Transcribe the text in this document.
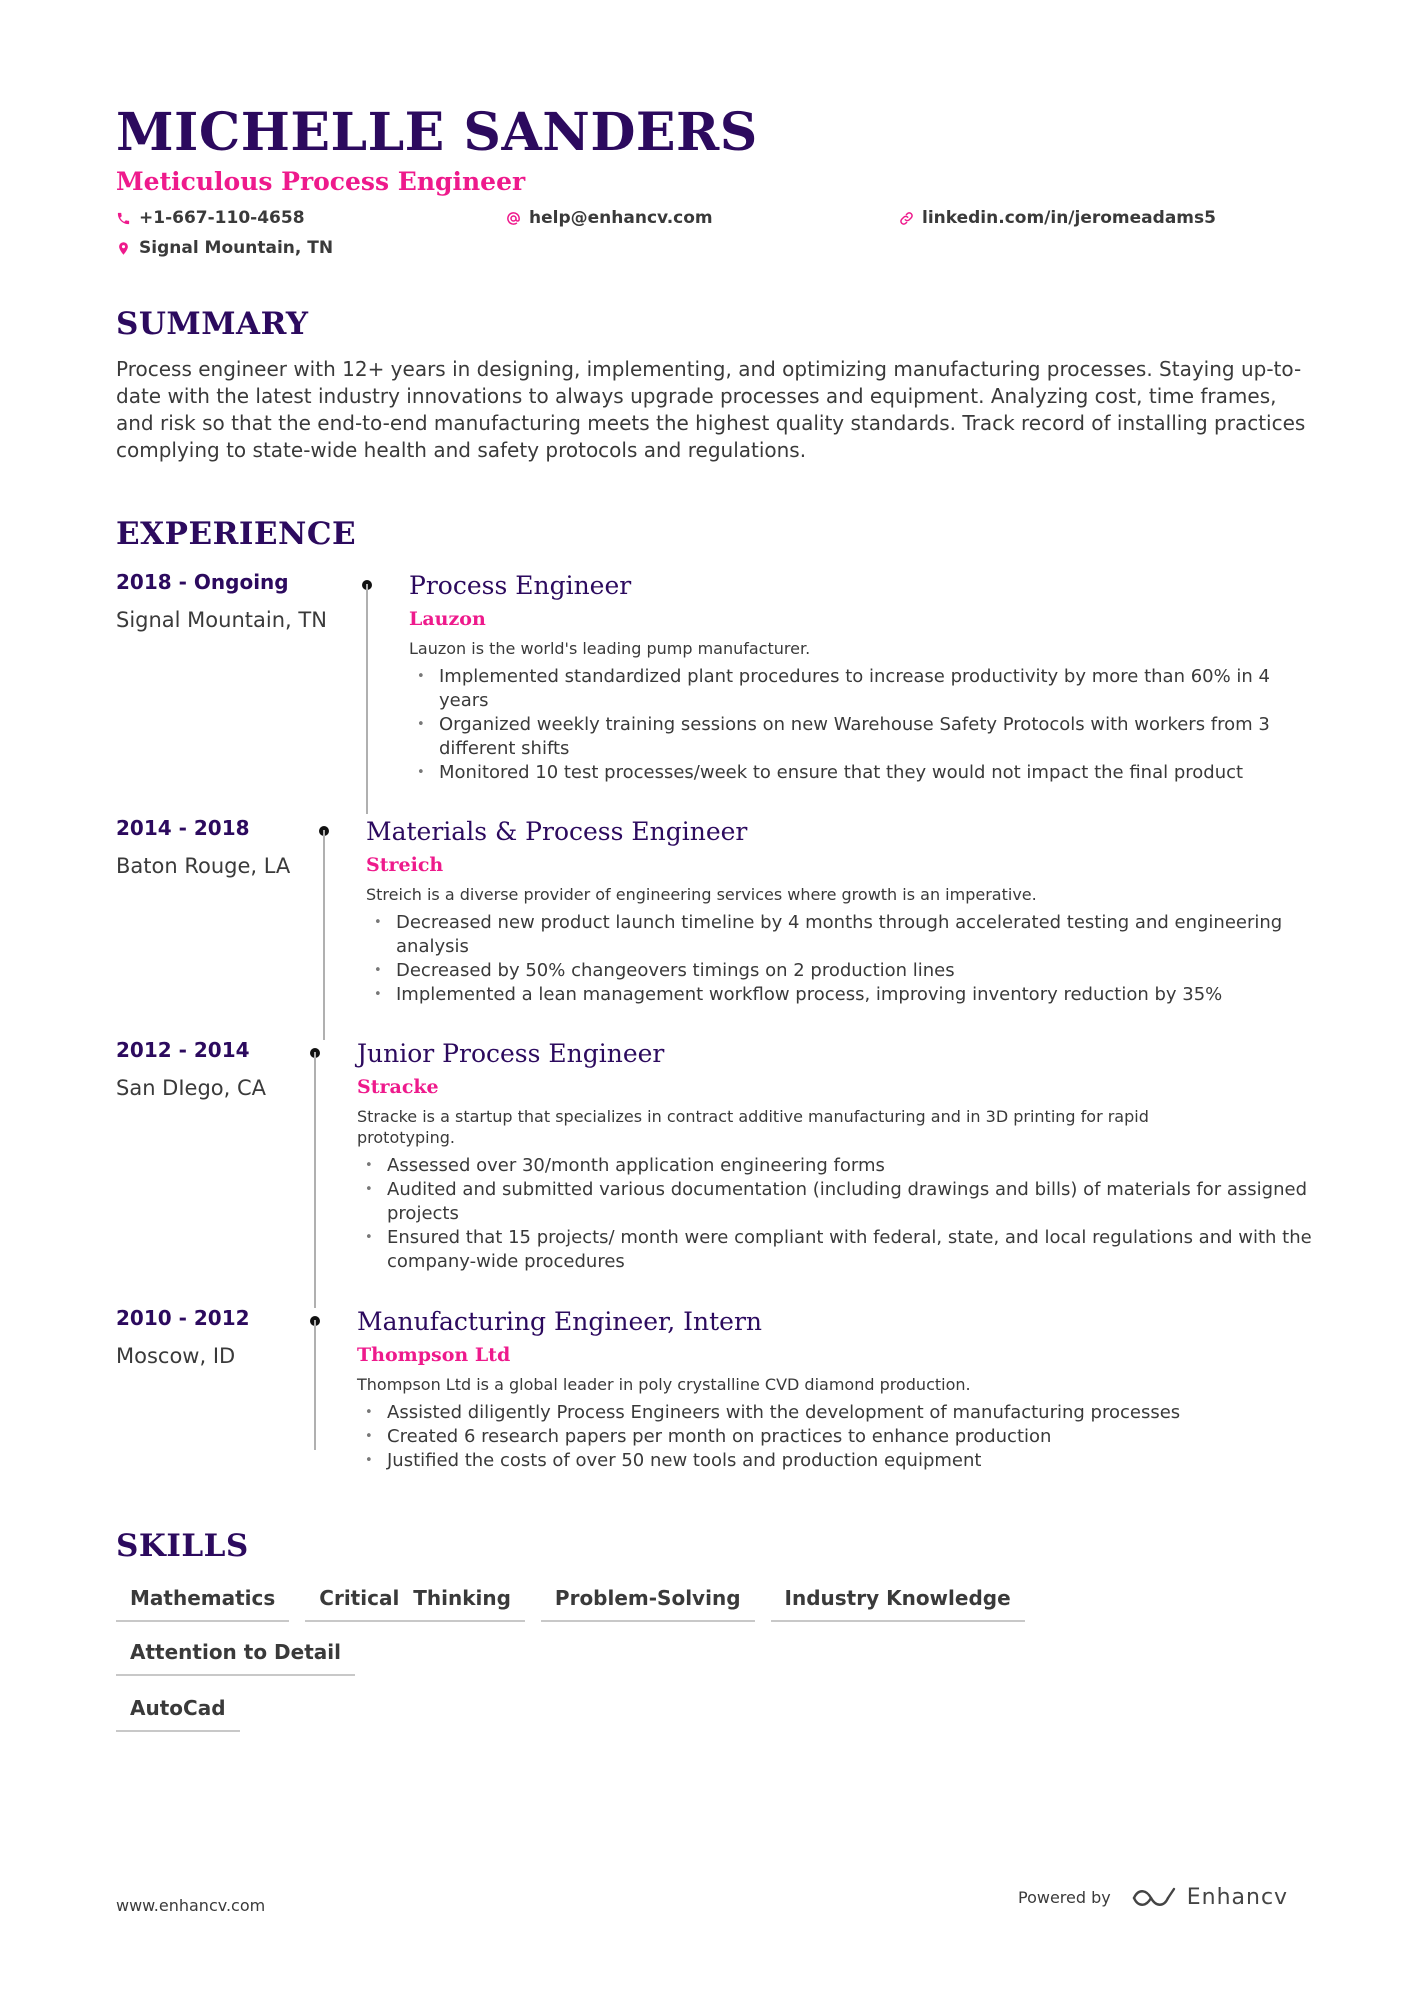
MICHELLE SANDERS
Meticulous Process Engineer
+1-667-110-4658	help@enhancv.com	linkedin.com/in/jeromeadams5
Signal Mountain, TN
SUMMARY

Process engineer with 12+ years in designing, implementing, and optimizing manufacturing processes. Staying up-to-date with the latest industry innovations to always upgrade processes and equipment. Analyzing cost, time frames, and risk so that the end-to-end manufacturing meets the highest quality standards. Track record of installing practices complying to state-wide health and safety protocols and regulations.

EXPERIENCE
2018 - Ongoing
Signal Mountain, TN
Process Engineer
Lauzon
Lauzon is the world's leading pump manufacturer.
• Implemented standardized plant procedures to increase productivity by more than 60% in 4 years
• Organized weekly training sessions on new Warehouse Safety Protocols with workers from 3 different shifts
• Monitored 10 test processes/week to ensure that they would not impact the final product
2014 - 2018
Baton Rouge, LA
Materials & Process Engineer
Streich
Streich is a diverse provider of engineering services where growth is an imperative.
• Decreased new product launch timeline by 4 months through accelerated testing and engineering analysis
• Decreased by 50% changeovers timings on 2 production lines
• Implemented a lean management workflow process, improving inventory reduction by 35%
2012 - 2014
San DIego, CA
Junior Process Engineer
Stracke
Stracke is a startup that specializes in contract additive manufacturing and in 3D printing for rapid prototyping.
• Assessed over 30/month application engineering forms
• Audited and submitted various documentation (including drawings and bills) of materials for assigned projects
• Ensured that 15 projects/ month were compliant with federal, state, and local regulations and with the company-wide procedures
2010 - 2012
Moscow, ID
Manufacturing Engineer, Intern
Thompson Ltd
Thompson Ltd is a global leader in poly crystalline CVD diamond production.
• Assisted diligently Process Engineers with the development of manufacturing processes
• Created 6 research papers per month on practices to enhance production
• Justified the costs of over 50 new tools and production equipment
SKILLS
Mathematics	Critical  Thinking	Problem-Solving	Industry Knowledge
Attention to Detail
AutoCad
www.enhancv.com	Powered by	Enhancv
